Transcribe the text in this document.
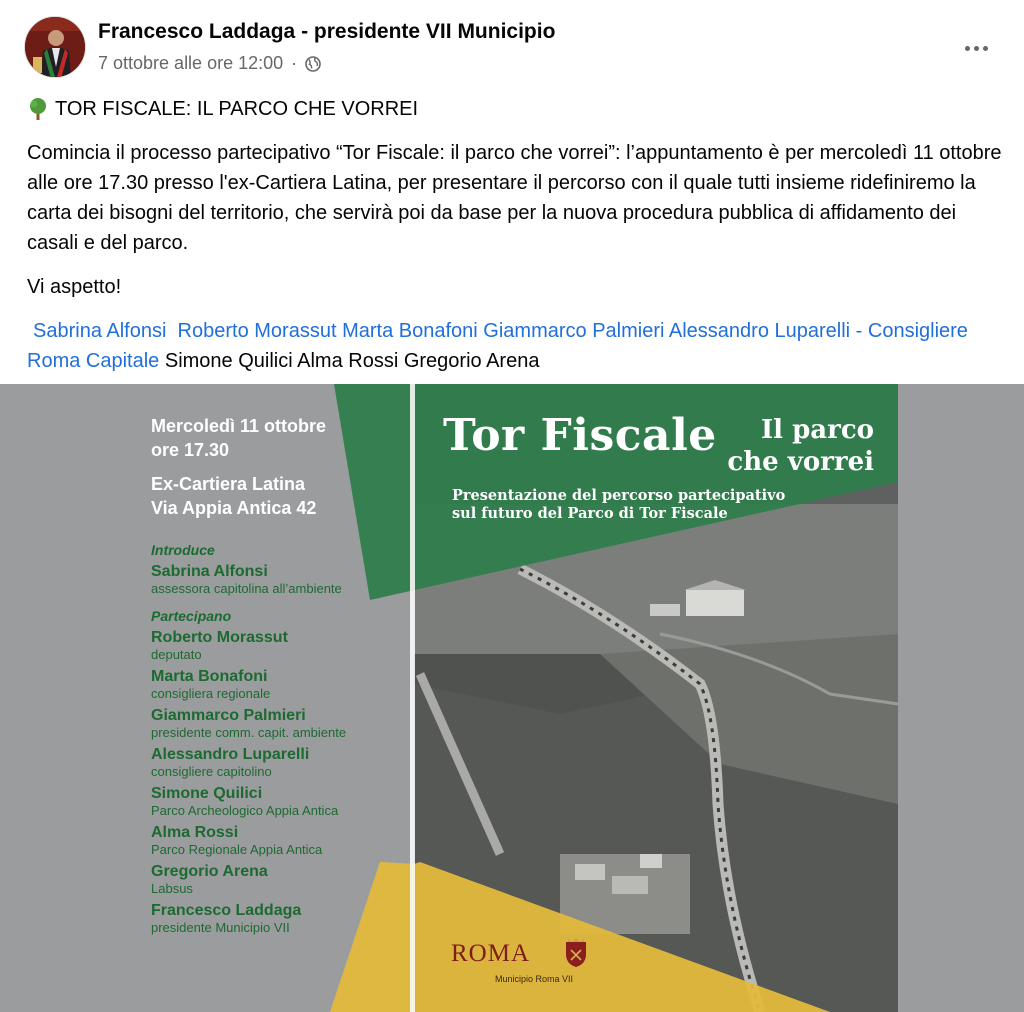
Francesco Laddaga - presidente VII Municipio
7 ottobre alle ore 12:00 ·

TOR FISCALE: IL PARCO CHE VORREI

Comincia il processo partecipativo “Tor Fiscale: il parco che vorrei”: l’appuntamento è per mercoledì 11 ottobre alle ore 17.30 presso l'ex-Cartiera Latina, per presentare il percorso con il quale tutti insieme ridefiniremo la carta dei bisogni del territorio, che servirà poi da base per la nuova procedura pubblica di affidamento dei casali e del parco.

Vi aspetto!

Sabrina Alfonsi Roberto Morassut Marta Bonafoni Giammarco Palmieri Alessandro Luparelli - Consigliere Roma Capitale Simone Quilici Alma Rossi Gregorio Arena

Mercoledì 11 ottobre
ore 17.30
Ex-Cartiera Latina
Via Appia Antica 42
Introduce
Sabrina Alfonsi
assessora capitolina all’ambiente
Partecipano
Roberto Morassut
deputato
Marta Bonafoni
consigliera regionale
Giammarco Palmieri
presidente comm. capit. ambiente
Alessandro Luparelli
consigliere capitolino
Simone Quilici
Parco Archeologico Appia Antica
Alma Rossi
Parco Regionale Appia Antica
Gregorio Arena
Labsus
Francesco Laddaga
presidente Municipio VII
Tor Fiscale	Il parco
che vorrei
Presentazione del percorso partecipativo
sul futuro del Parco di Tor Fiscale
ROMA
Municipio Roma VII
